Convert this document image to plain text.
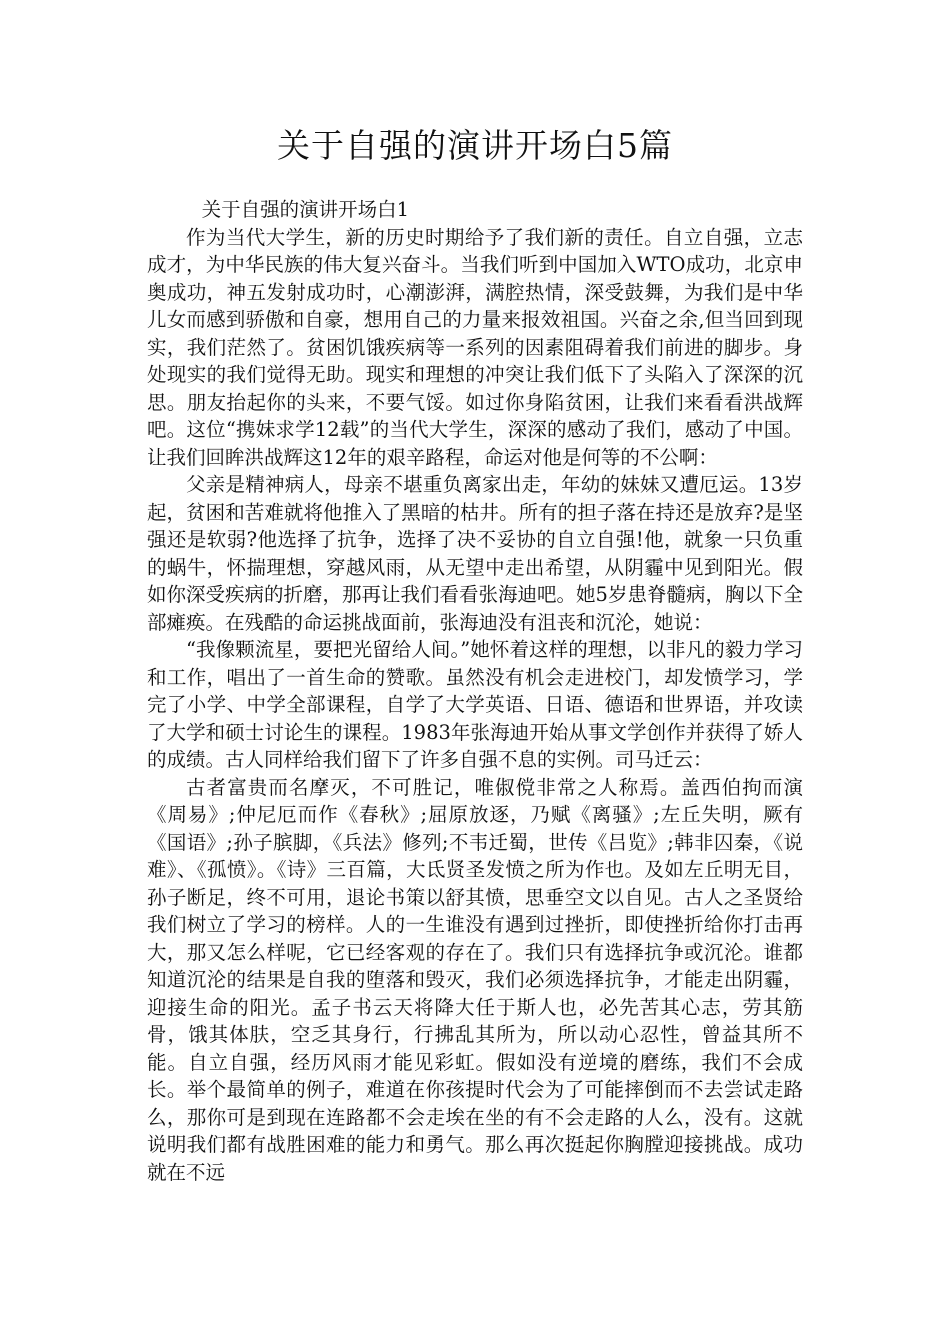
关于自强的演讲开场白5篇

关于自强的演讲开场白1

作为当代大学生，新的历史时期给予了我们新的责任。自立自强，立志成才，为中华民族的伟大复兴奋斗。当我们听到中国加入WTO成功，北京申奥成功，神五发射成功时，心潮澎湃，满腔热情，深受鼓舞，为我们是中华儿女而感到骄傲和自豪，想用自己的力量来报效祖国。兴奋之余,但当回到现实，我们茫然了。贫困饥饿疾病等一系列的因素阻碍着我们前进的脚步。身处现实的我们觉得无助。现实和理想的冲突让我们低下了头陷入了深深的沉思。朋友抬起你的头来，不要气馁。如过你身陷贫困，让我们来看看洪战辉吧。这位“携妹求学12载”的当代大学生，深深的感动了我们，感动了中国。让我们回眸洪战辉这12年的艰辛路程，命运对他是何等的不公啊：

父亲是精神病人，母亲不堪重负离家出走，年幼的妹妹又遭厄运。13岁起，贫困和苦难就将他推入了黑暗的枯井。所有的担子落在持还是放弃?是坚强还是软弱?他选择了抗争，选择了决不妥协的自立自强!他，就象一只负重的蜗牛，怀揣理想，穿越风雨，从无望中走出希望，从阴霾中见到阳光。假如你深受疾病的折磨，那再让我们看看张海迪吧。她5岁患脊髓病，胸以下全部瘫痪。在残酷的命运挑战面前，张海迪没有沮丧和沉沦，她说：

“我像颗流星，要把光留给人间。”她怀着这样的理想，以非凡的毅力学习和工作，唱出了一首生命的赞歌。虽然没有机会走进校门，却发愤学习，学完了小学、中学全部课程，自学了大学英语、日语、德语和世界语，并攻读了大学和硕士讨论生的课程。1983年张海迪开始从事文学创作并获得了娇人的成绩。古人同样给我们留下了许多自强不息的实例。司马迁云：

古者富贵而名摩灭，不可胜记，唯俶傥非常之人称焉。盖西伯拘而演《周易》;仲尼厄而作《春秋》;屈原放逐，乃赋《离骚》;左丘失明，厥有《国语》;孙子膑脚，《兵法》修列;不韦迁蜀，世传《吕览》;韩非囚秦，《说难》、《孤愤》。《诗》三百篇，大氐贤圣发愤之所为作也。及如左丘明无目，孙子断足，终不可用，退论书策以舒其愤，思垂空文以自见。古人之圣贤给我们树立了学习的榜样。人的一生谁没有遇到过挫折，即使挫折给你打击再大，那又怎么样呢，它已经客观的存在了。我们只有选择抗争或沉沦。谁都知道沉沦的结果是自我的堕落和毁灭，我们必须选择抗争，才能走出阴霾，迎接生命的阳光。孟子书云天将降大任于斯人也，必先苦其心志，劳其筋骨，饿其体肤，空乏其身行，行拂乱其所为，所以动心忍性，曾益其所不能。自立自强，经历风雨才能见彩虹。假如没有逆境的磨练，我们不会成长。举个最简单的例子，难道在你孩提时代会为了可能摔倒而不去尝试走路么，那你可是到现在连路都不会走埃在坐的有不会走路的人么，没有。这就说明我们都有战胜困难的能力和勇气。那么再次挺起你胸膛迎接挑战。成功就在不远
